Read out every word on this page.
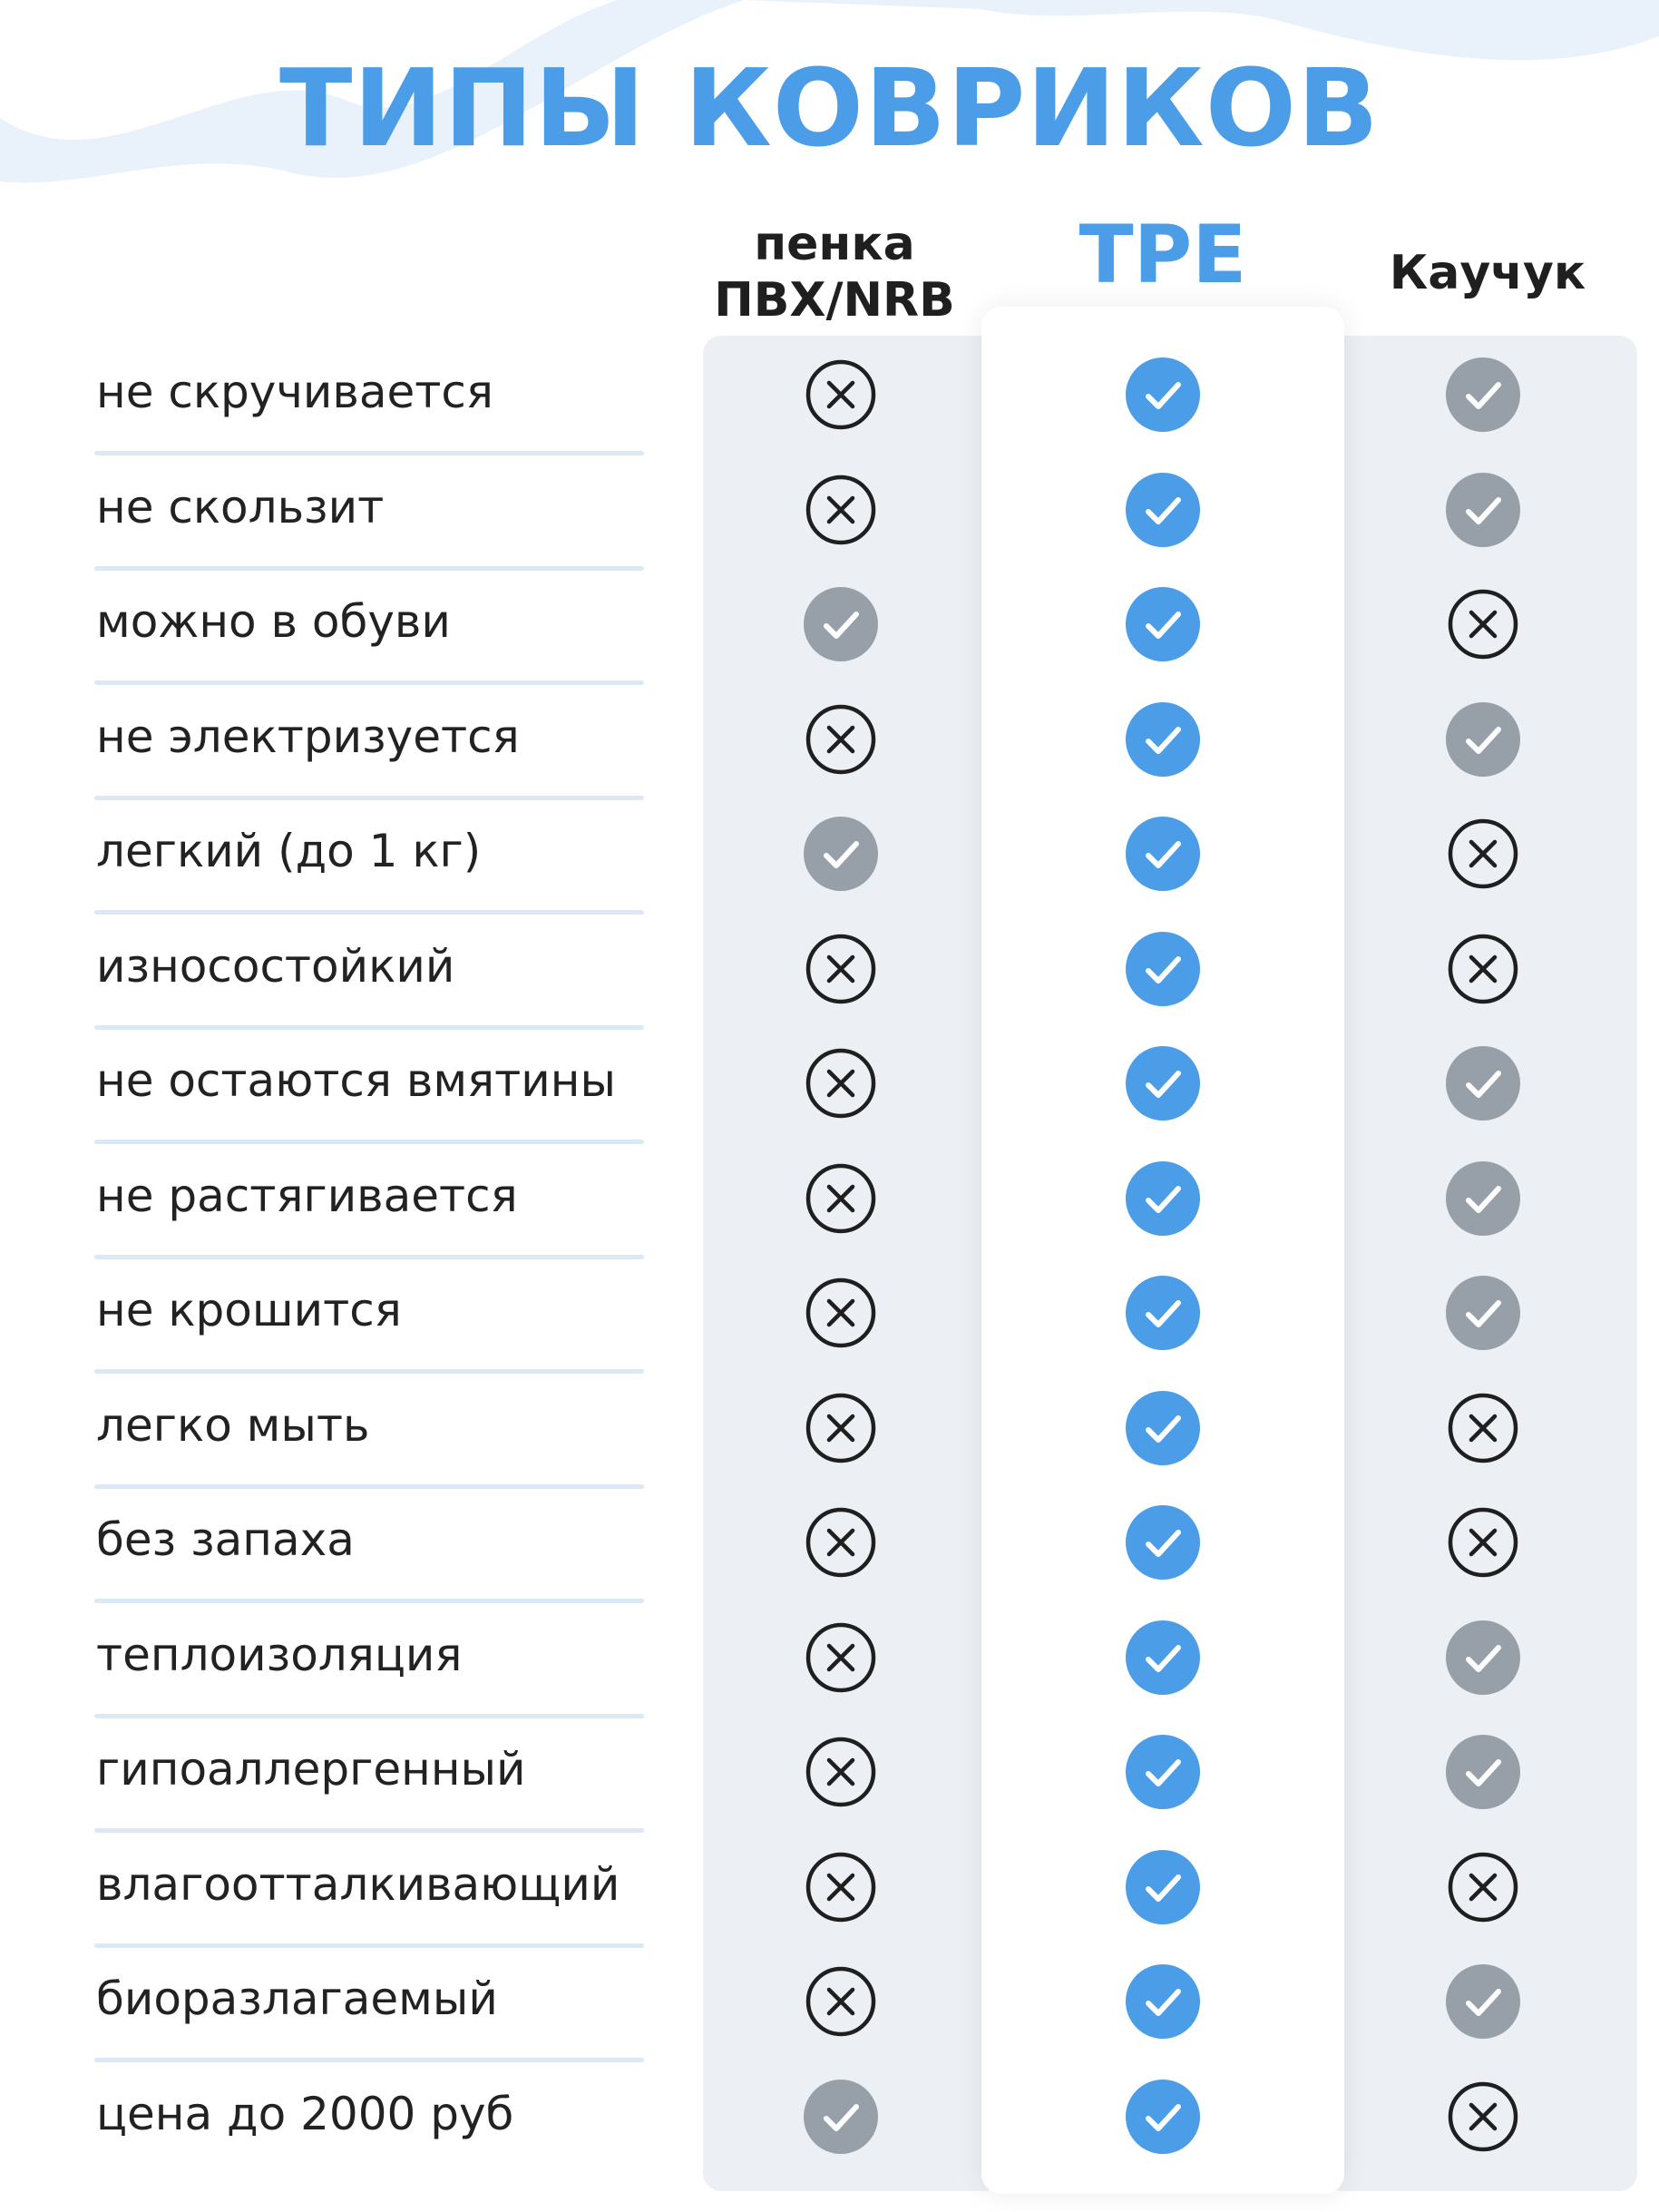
ТИПЫ КОВРИКОВ
пенка
ПВХ/NRB	TPE	Каучук
не скручивается
не скользит
можно в обуви
не электризуется
легкий (до 1 кг)
износостойкий
не остаются вмятины
не растягивается
не крошится
легко мыть
без запаха
теплоизоляция
гипоаллергенный
влагоотталкивающий
биоразлагаемый
цена до 2000 руб
